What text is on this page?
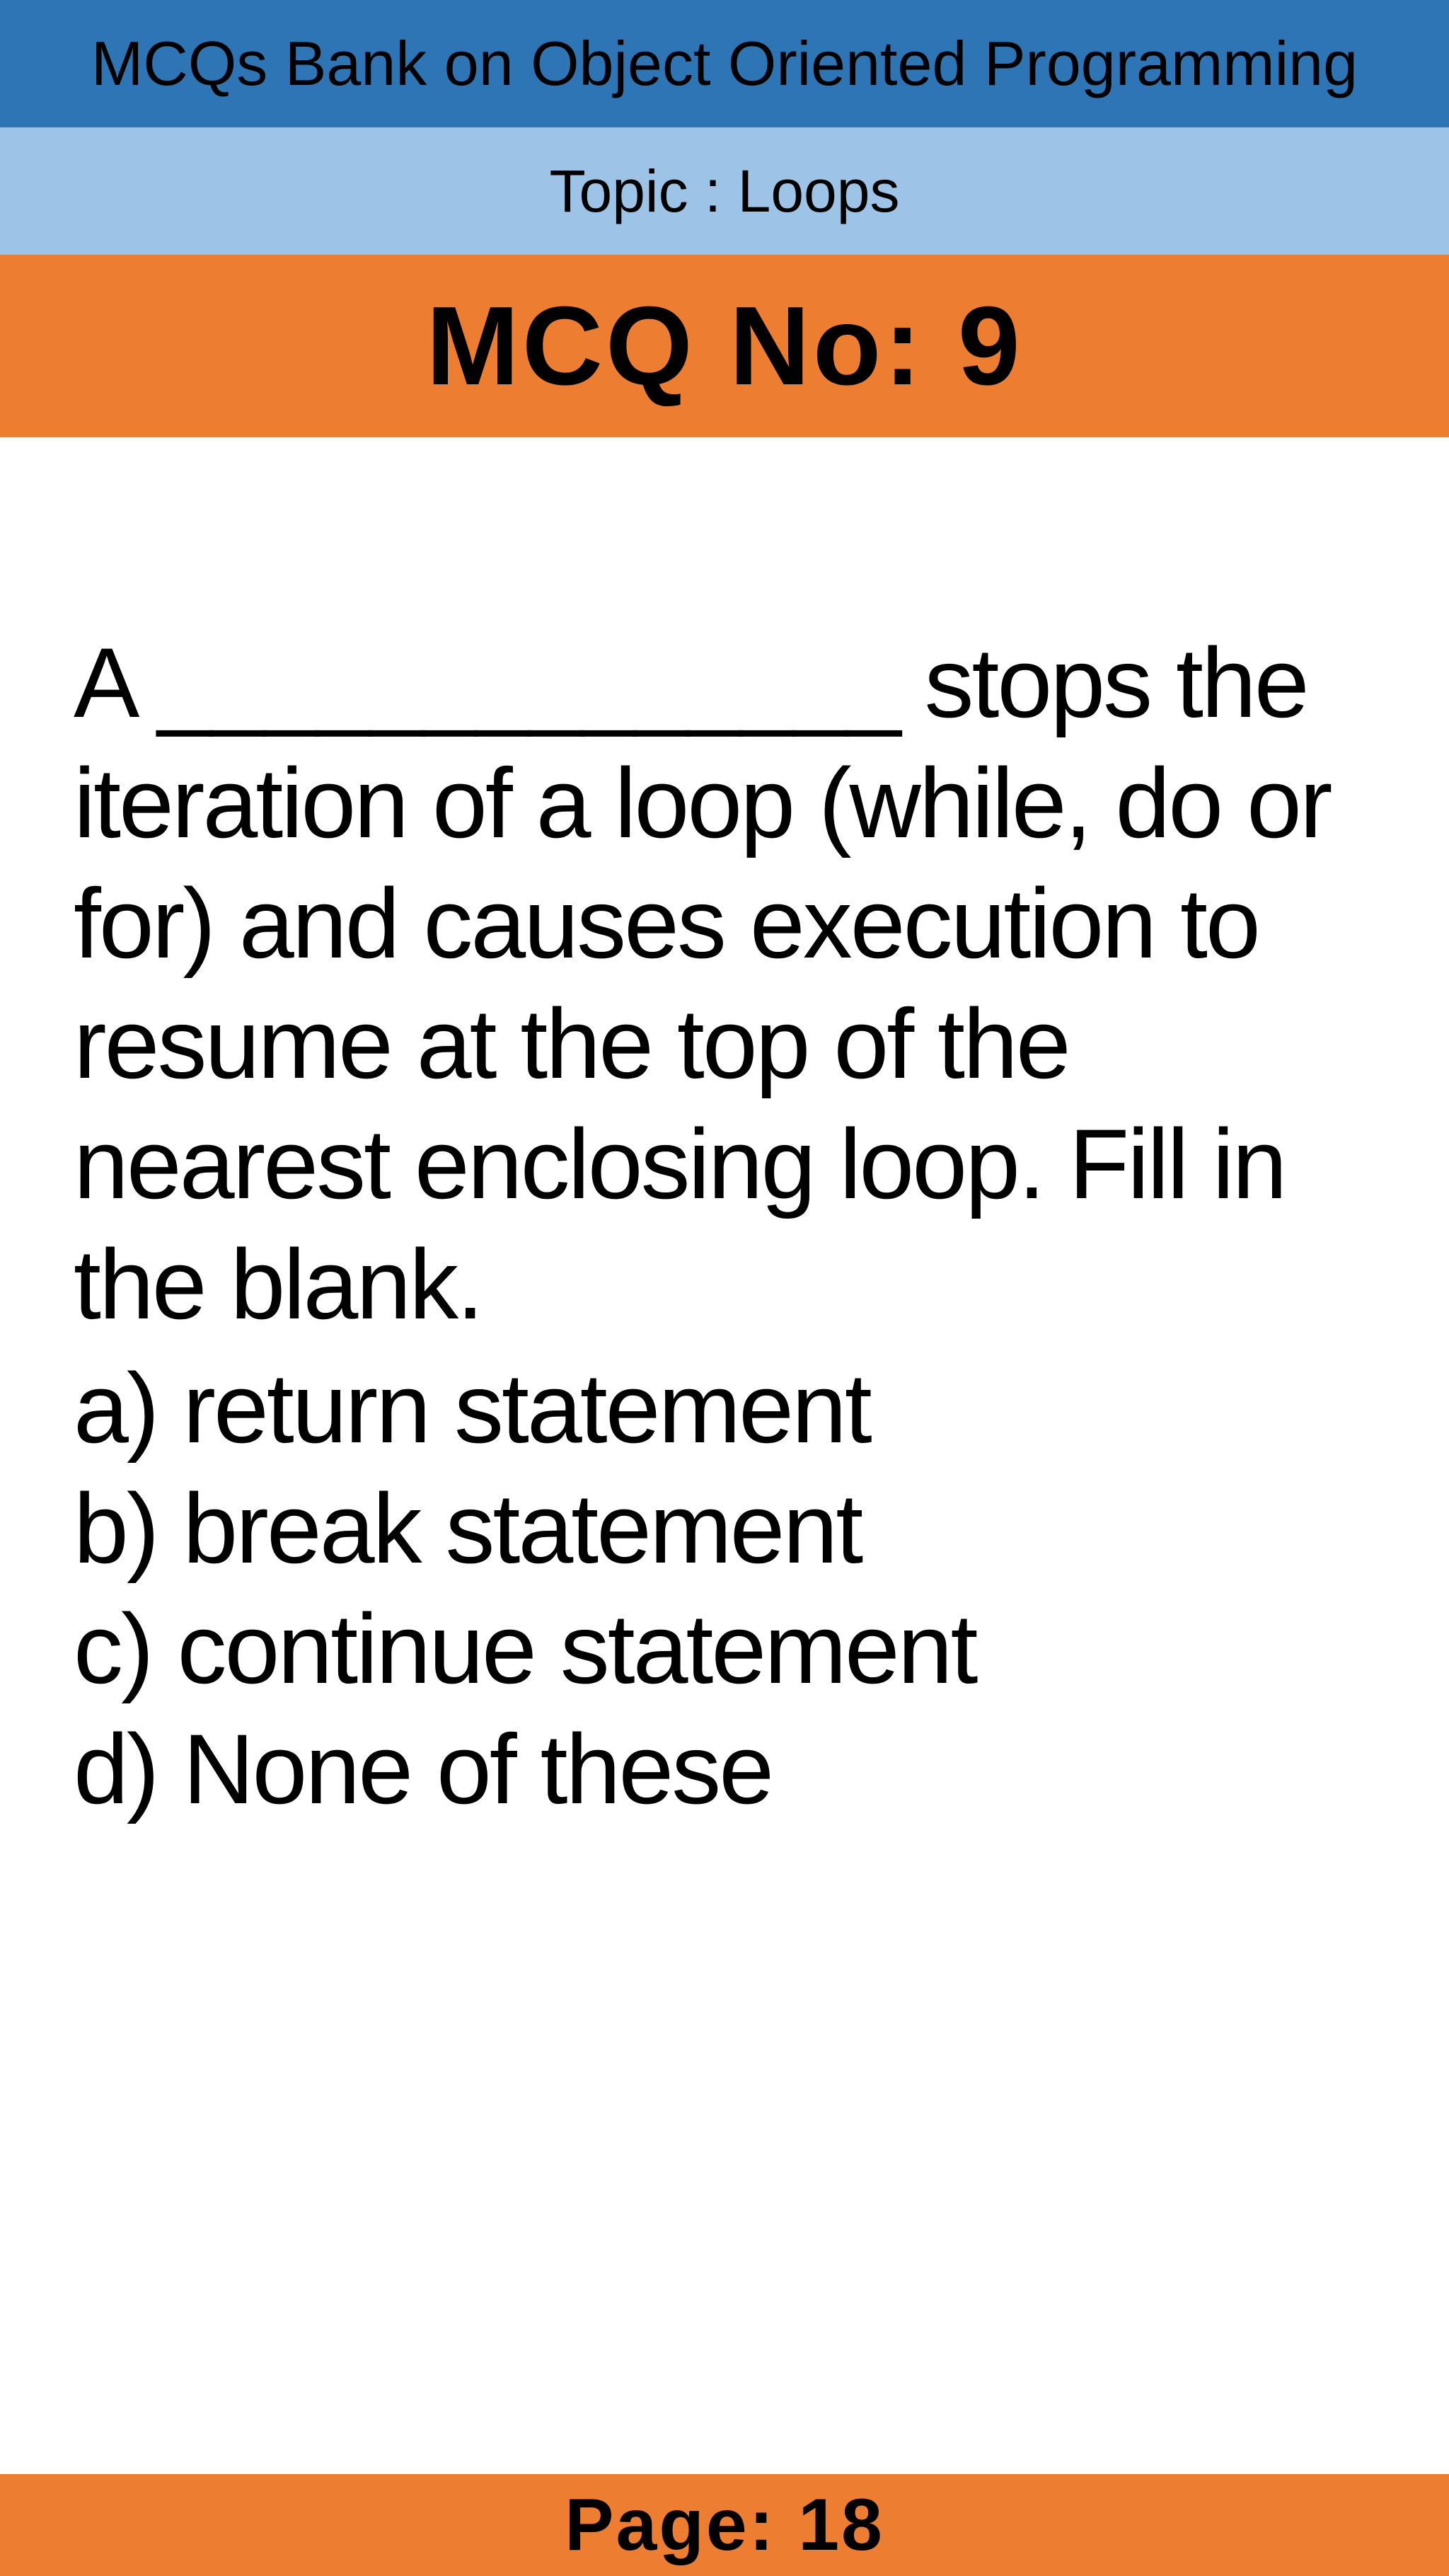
MCQs Bank on Object Oriented Programming
Topic : Loops
MCQ No: 9
A ______________ stops the iteration of a loop (while, do or for) and causes execution to resume at the top of the nearest enclosing loop. Fill in the blank.
a) return statement
b) break statement
c) continue statement
d) None of these
Page: 18
